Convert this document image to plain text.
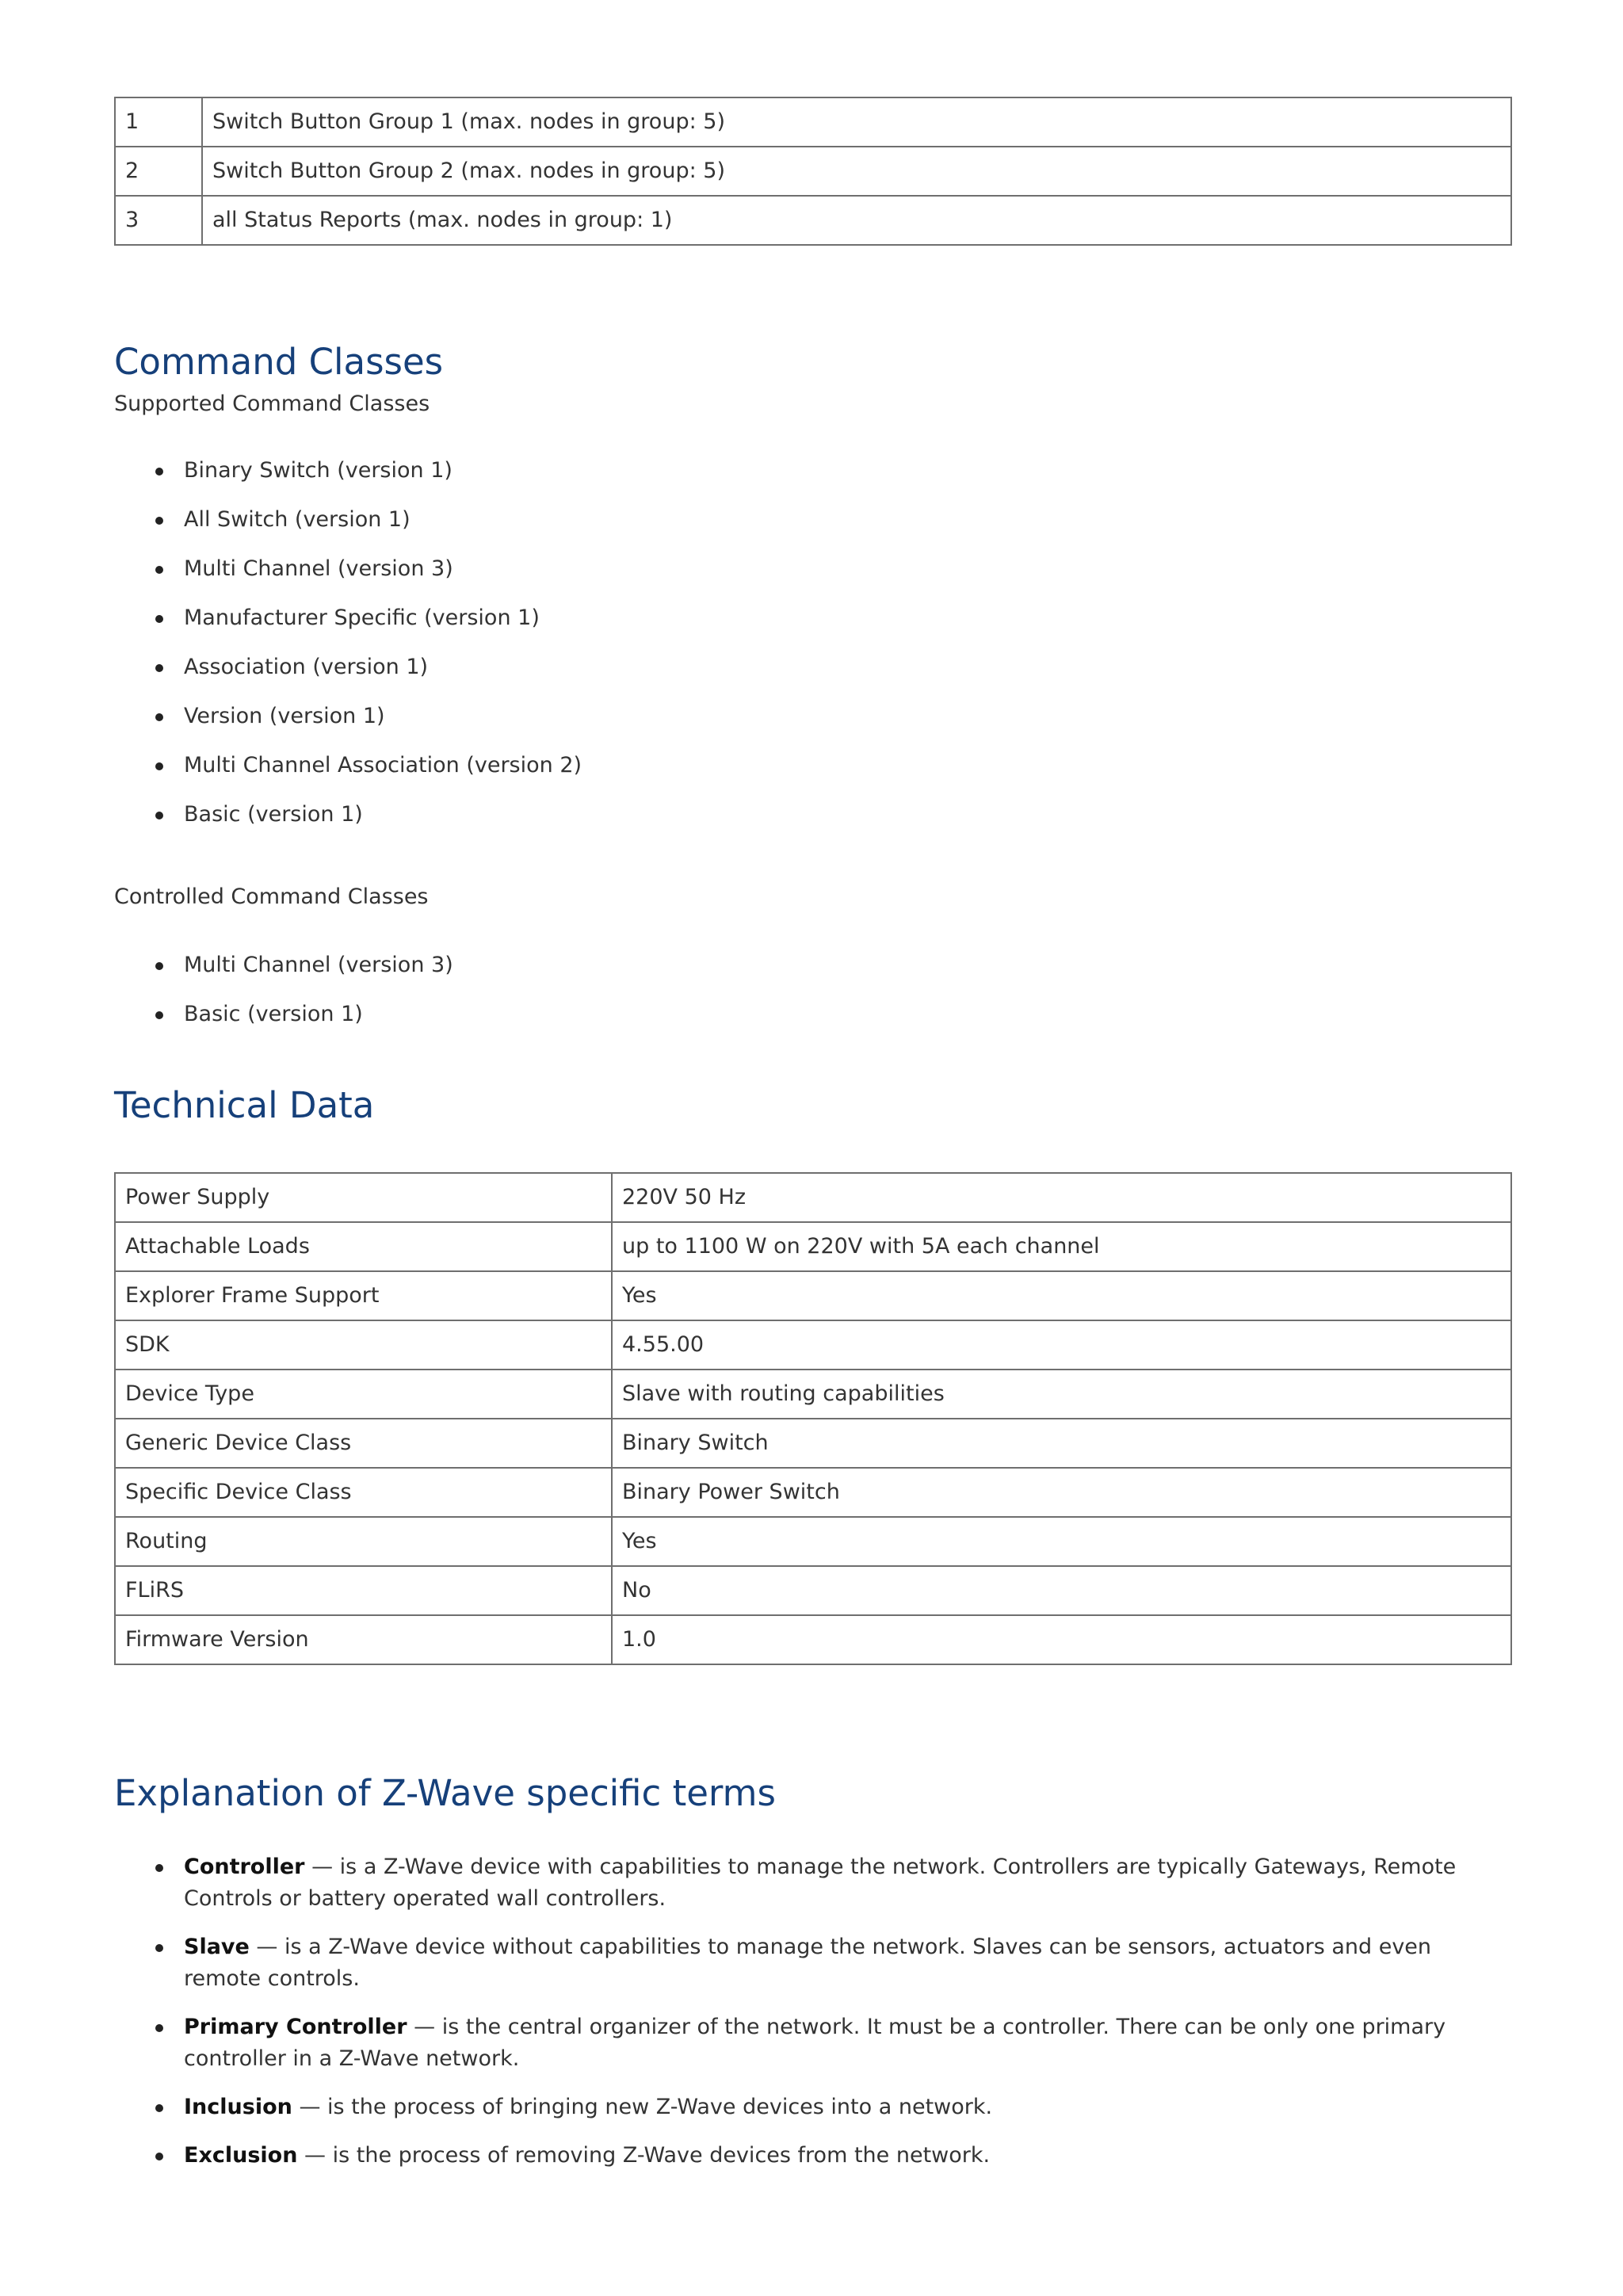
1	Switch Button Group 1 (max. nodes in group: 5)
2	Switch Button Group 2 (max. nodes in group: 5)
3	all Status Reports (max. nodes in group: 1)
Command Classes
Supported Command Classes
Binary Switch (version 1)
All Switch (version 1)
Multi Channel (version 3)
Manufacturer Specific (version 1)
Association (version 1)
Version (version 1)
Multi Channel Association (version 2)
Basic (version 1)
Controlled Command Classes
Multi Channel (version 3)
Basic (version 1)
Technical Data
Power Supply	220V 50 Hz
Attachable Loads	up to 1100 W on 220V with 5A each channel
Explorer Frame Support	Yes
SDK	4.55.00
Device Type	Slave with routing capabilities
Generic Device Class	Binary Switch
Specific Device Class	Binary Power Switch
Routing	Yes
FLiRS	No
Firmware Version	1.0
Explanation of Z-Wave specific terms
Controller — is a Z-Wave device with capabilities to manage the network. Controllers are typically Gateways, Remote Controls or battery operated wall controllers.
Slave — is a Z-Wave device without capabilities to manage the network. Slaves can be sensors, actuators and even remote controls.
Primary Controller — is the central organizer of the network. It must be a controller. There can be only one primary controller in a Z-Wave network.
Inclusion — is the process of bringing new Z-Wave devices into a network.
Exclusion — is the process of removing Z-Wave devices from the network.
